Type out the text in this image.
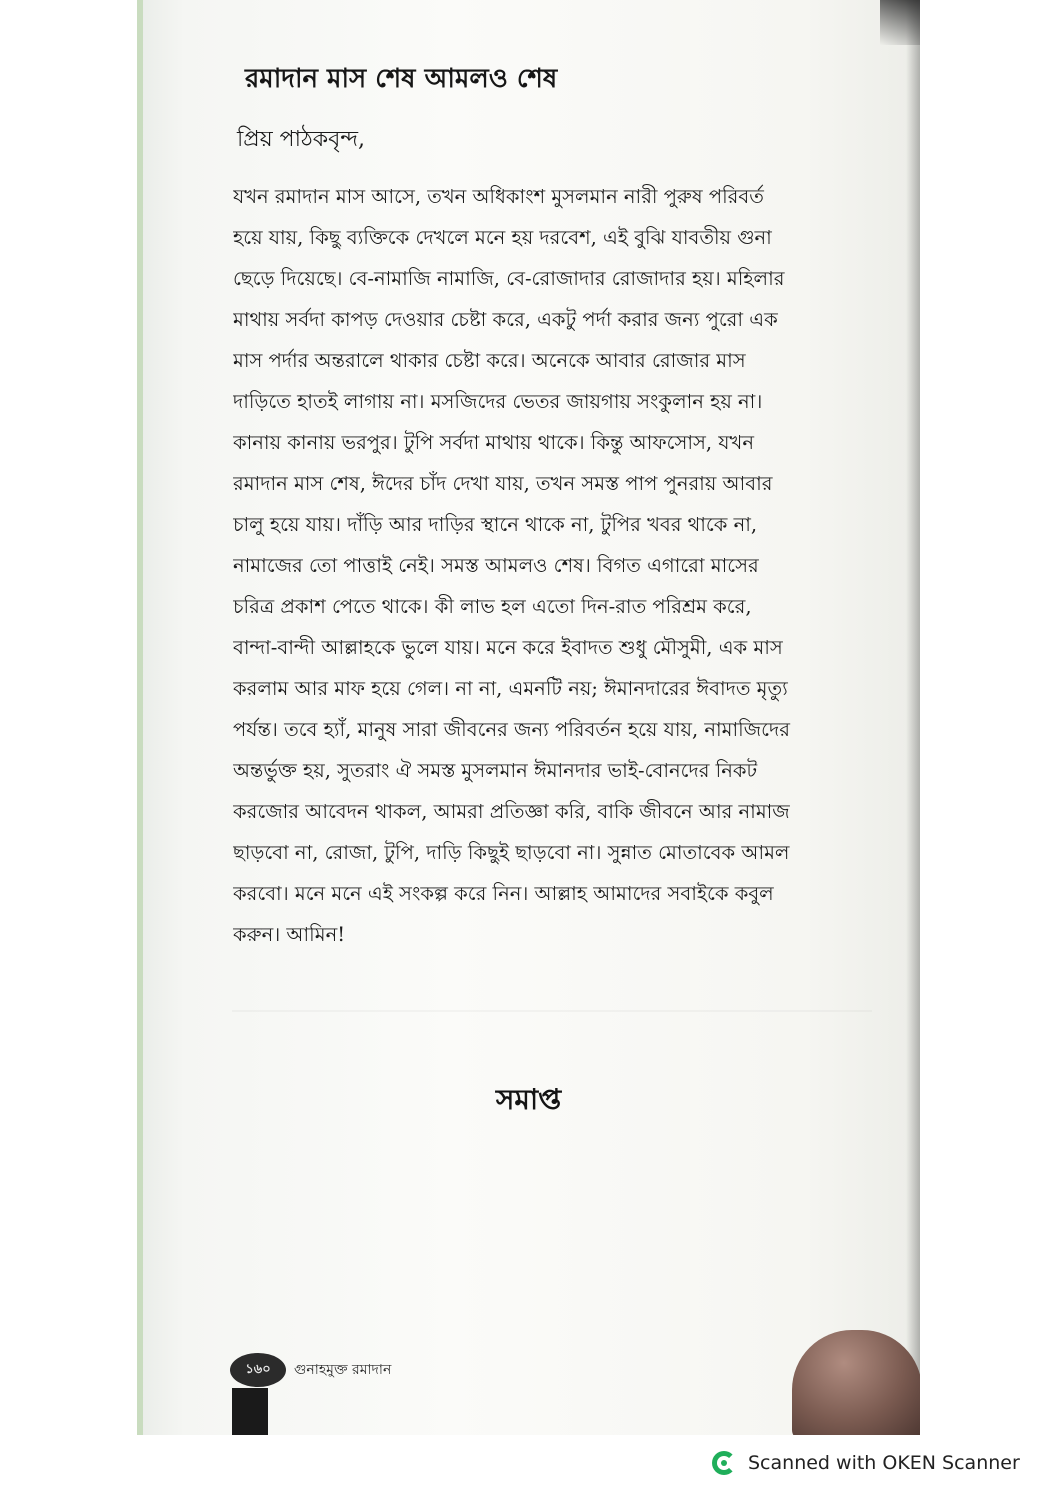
রমাদান মাস শেষ আমলও শেষ
প্রিয় পাঠকবৃন্দ,
যখন রমাদান মাস আসে, তখন অধিকাংশ মুসলমান নারী পুরুষ পরিবর্ত
হয়ে যায়, কিছু ব্যক্তিকে দেখলে মনে হয় দরবেশ, এই বুঝি যাবতীয় গুনা
ছেড়ে দিয়েছে। বে-নামাজি নামাজি, বে-রোজাদার রোজাদার হয়। মহিলার
মাথায় সর্বদা কাপড় দেওয়ার চেষ্টা করে, একটু পর্দা করার জন্য পুরো এক
মাস পর্দার অন্তরালে থাকার চেষ্টা করে। অনেকে আবার রোজার মাস
দাড়িতে হাতই লাগায় না। মসজিদের ভেতর জায়গায় সংকুলান হয় না।
কানায় কানায় ভরপুর। টুপি সর্বদা মাথায় থাকে। কিন্তু আফসোস, যখন
রমাদান মাস শেষ, ঈদের চাঁদ দেখা যায়, তখন সমস্ত পাপ পুনরায় আবার
চালু হয়ে যায়। দাঁড়ি আর দাড়ির স্থানে থাকে না, টুপির খবর থাকে না,
নামাজের তো পাত্তাই নেই। সমস্ত আমলও শেষ। বিগত এগারো মাসের
চরিত্র প্রকাশ পেতে থাকে। কী লাভ হল এতো দিন-রাত পরিশ্রম করে,
বান্দা-বান্দী আল্লাহকে ভুলে যায়। মনে করে ইবাদত শুধু মৌসুমী, এক মাস
করলাম আর মাফ হয়ে গেল। না না, এমনটি নয়; ঈমানদারের ঈবাদত মৃত্যু
পর্যন্ত। তবে হ্যাঁ, মানুষ সারা জীবনের জন্য পরিবর্তন হয়ে যায়, নামাজিদের
অন্তর্ভুক্ত হয়, সুতরাং ঐ সমস্ত মুসলমান ঈমানদার ভাই-বোনদের নিকট
করজোর আবেদন থাকল, আমরা প্রতিজ্ঞা করি, বাকি জীবনে আর নামাজ
ছাড়বো না, রোজা, টুপি, দাড়ি কিছুই ছাড়বো না। সুন্নাত মোতাবেক আমল
করবো। মনে মনে এই সংকল্প করে নিন। আল্লাহ আমাদের সবাইকে কবুল
করুন। আমিন!
সমাপ্ত
১৬০	গুনাহমুক্ত রমাদান
Scanned with OKEN Scanner
